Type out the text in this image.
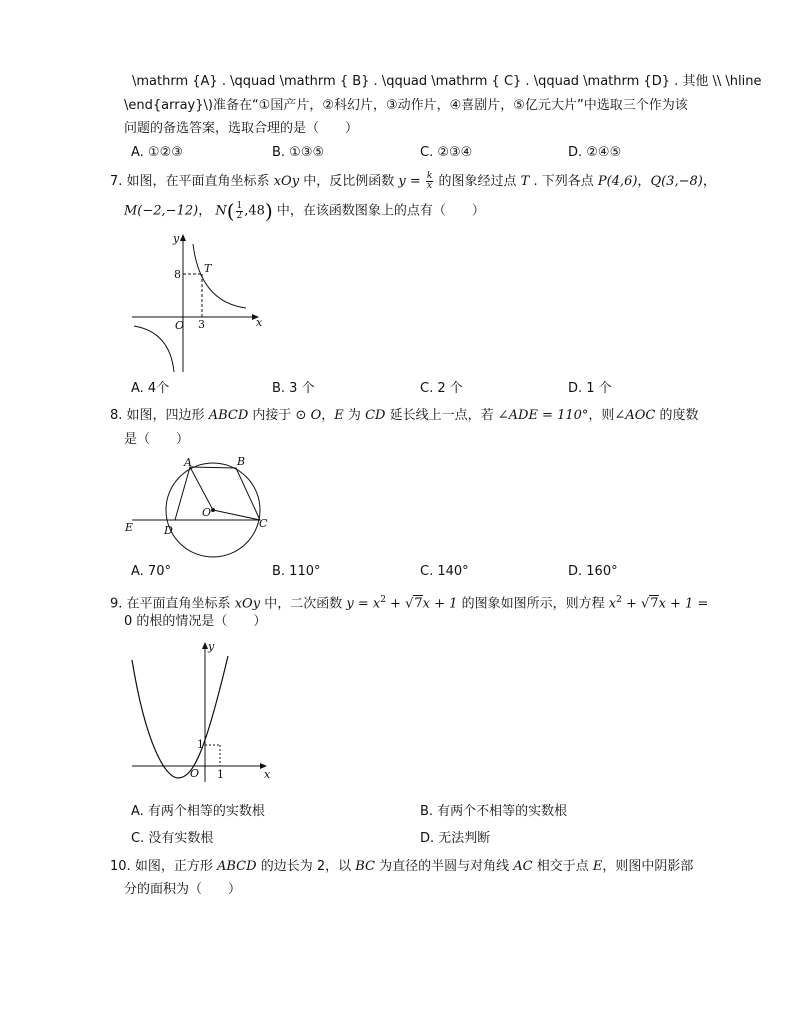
\mathrm {A} . \qquad \mathrm { B} . \qquad \mathrm { C} . \qquad \mathrm {D} . 其他 \\ \hline
\end{array}\)准备在“①国产片，②科幻片，③动作片，④喜剧片，⑤亿元大片”中选取三个作为该
问题的备选答案，选取合理的是（　　）
A. ①②③	B. ①③⑤	C. ②③④	D. ②④⑤
7. 如图，在平面直角坐标系 xOy 中，反比例函数 $y = \frac{k}{x}$ 的图象经过点 T . 下列各点 P(4,6)，Q(3,−8)，
M(−2,−12)， $N( \frac{1}{2} ,48)$ 中，在该函数图象上的点有（　　）
y
x
O
T
8
3
A. 4个	B. 3 个	C. 2 个	D. 1 个
8. 如图，四边形 ABCD 内接于 ⊙ O，E 为 CD 延长线上一点，若 ∠ADE = 110°，则∠AOC 的度数
是（　　）
A	B
C
D
E
O
A. 70°	B. 110°	C. 140°	D. 160°
9. 在平面直角坐标系 xOy 中，二次函数 $y = x^2 + √7x + 1$ 的图象如图所示，则方程 $x^2 + √7x + 1$ =
0 的根的情况是（　　）
y
x
O
1
1
A. 有两个相等的实数根	B. 有两个不相等的实数根
C. 没有实数根	D. 无法判断
10. 如图，正方形 ABCD 的边长为 2，以 BC 为直径的半圆与对角线 AC 相交于点 E，则图中阴影部
分的面积为（　　）
